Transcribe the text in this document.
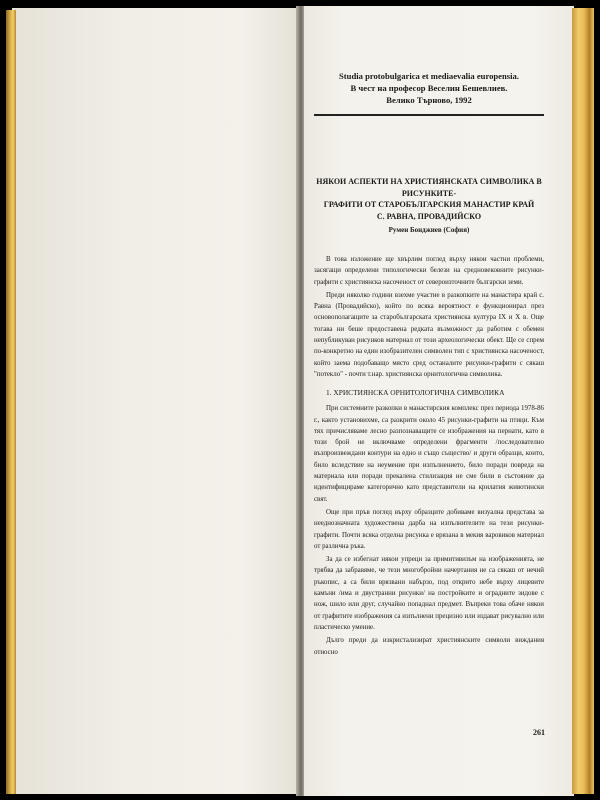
Studia protobulgarica et mediaevalia europensia.
В чест на професор Веселин Бешевлиев.
Велико Търново, 1992
НЯКОИ АСПЕКТИ НА ХРИСТИЯНСКАТА СИМВОЛИКА В РИСУНКИТЕ-
ГРАФИТИ ОТ СТАРОБЪЛГАРСКИЯ МАНАСТИР КРАЙ
С. РАВНА, ПРОВАДИЙСКО
Румен Бонджиев (София)

В това изложение ще хвърлим поглед върху някои частни проблеми, засягащи определени типологически белези на средновековните рисунки-графити с християнска насоченост от североизточните български земи.

Преди няколко години взехме участие в разкопките на манастира край с. Равна (Провадийско), който по всяка вероятност е функционирал през основополагащите за старобългарската християнска култура IX и X в. Още тогава ни беше предоставена редката възможност да работим с обемен непубликуван рисунков материал от този археологически обект. Ще се спрем по-конкретно на един изобразителен символен тип с християнска насоченост, който заема подобаващо място сред останалите рисунки-графити с сякаш "потекло" - почти т.нар. християнска орнитологична символика.

1. ХРИСТИЯНСКА ОРНИТОЛОГИЧНА СИМВОЛИКА

При системните разкопки в манастирския комплекс през периода 1978-86 г., както установихме, са разкрити около 45 рисунки-графити на птици. Към тях причисляваме лесно разпознаващите се изображения на пернати, като в този брой не включваме определени фрагменти /последователно възпроизвеждани контури на едно и също същество/ и други образци, които, било вследствие на неумение при изпълнението, било поради повреда на материала или поради прекалена стилизация не сме били в състояние да идентифицираме категорично като представители на крилатия животински свят.

Още при пръв поглед върху образците добиваме визуална представа за нееднозначната художествена дарба на изпълнителите на тези рисунки-графити. Почти всяка отделна рисунка е врязана в мекия варовиков материал от различна ръка.

За да се избегнат някои упреци за примитивизъм на изображенията, не трябва да забравяме, че тези многобройни начертания не са сякаш от нечий ръкопис, а са били врязвани набързо, под открито небе върху лицевите камъни /има и двустранни рисунки/ на постройките и оградните зидове с нож, шило или друг, случайно попаднал предмет. Въпреки това обаче някои от графитите изображения са изпълнени прецизно или издават рисувално или пластическо умение.

Дълго преди да изкристализират християнските символи виждания относно

261
